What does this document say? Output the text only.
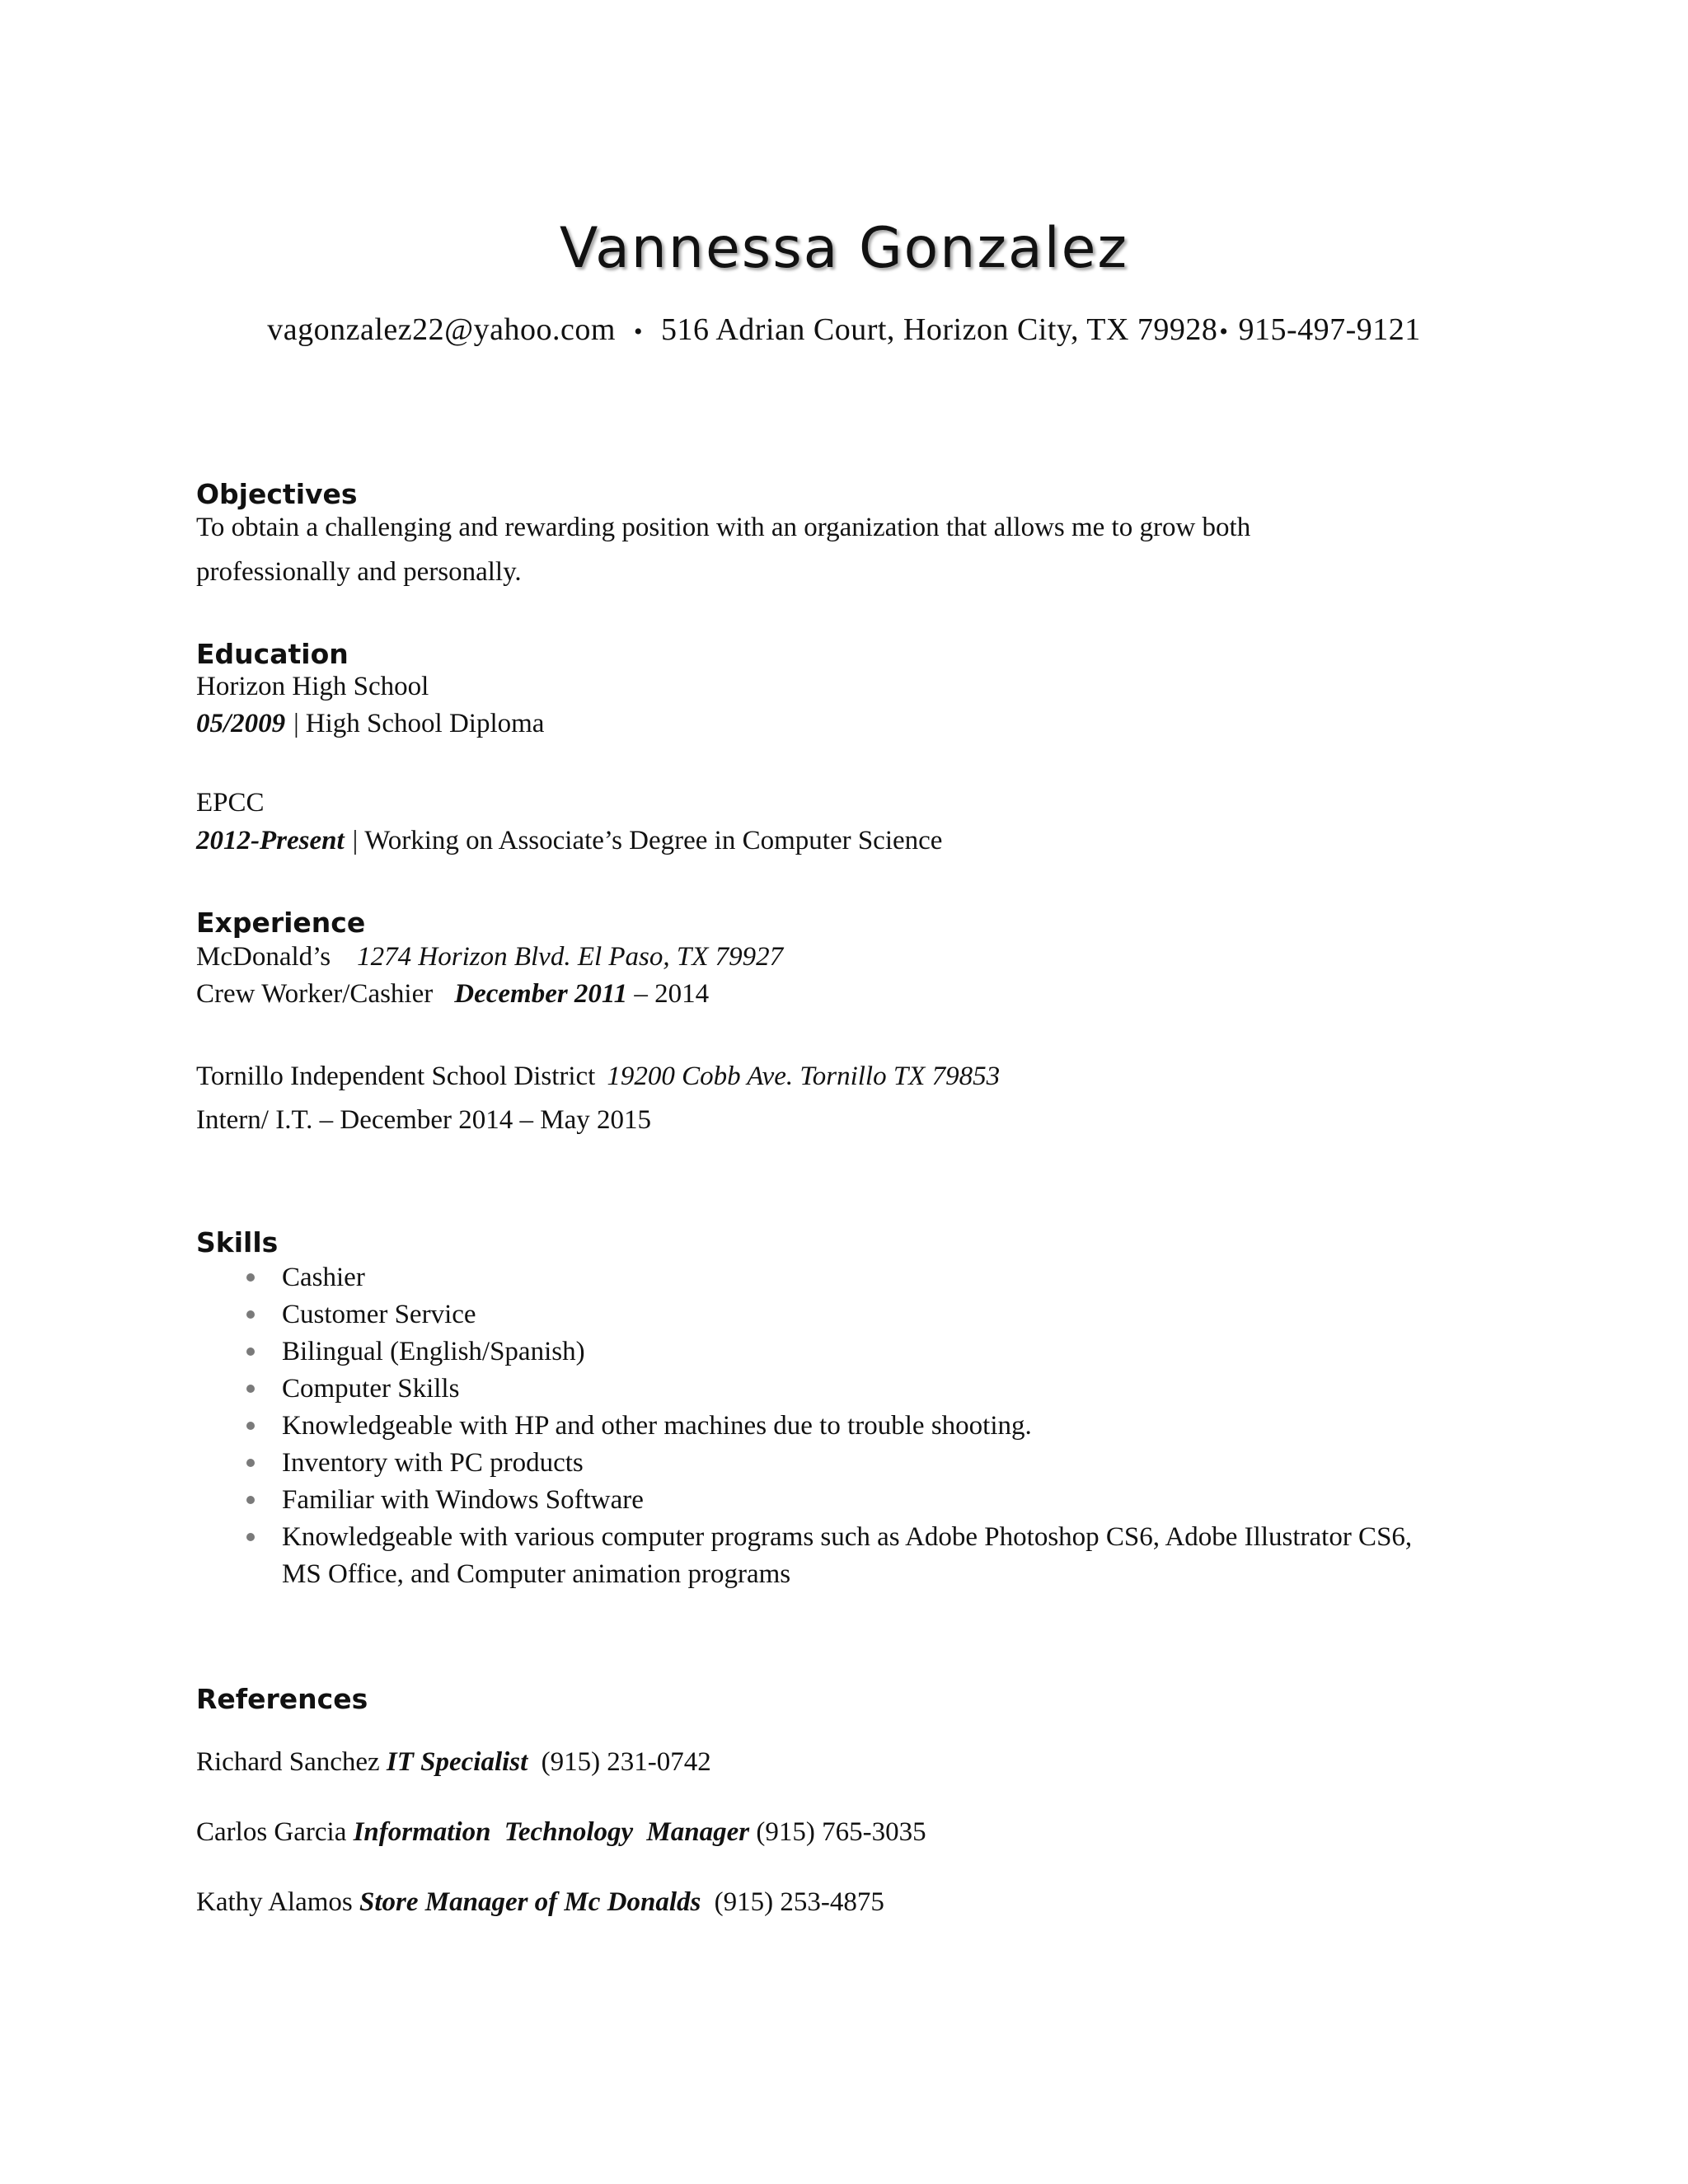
Vannessa Gonzalez
vagonzalez22@yahoo.com • 516 Adrian Court, Horizon City, TX 79928• 915-497-9121
Objectives
To obtain a challenging and rewarding position with an organization that allows me to grow both
professionally and personally.
Education
Horizon High School
05/2009 | High School Diploma
EPCC
2012-Present | Working on Associate’s Degree in Computer Science
Experience
McDonald’s 1274 Horizon Blvd. El Paso, TX 79927
Crew Worker/Cashier December 2011 – 2014
Tornillo Independent School District 19200 Cobb Ave. Tornillo TX 79853
Intern/ I.T. – December 2014 – May 2015
Skills
Cashier
Customer Service
Bilingual (English/Spanish)
Computer Skills
Knowledgeable with HP and other machines due to trouble shooting.
Inventory with PC products
Familiar with Windows Software
Knowledgeable with various computer programs such as Adobe Photoshop CS6, Adobe Illustrator CS6, MS Office, and Computer animation programs
References
Richard Sanchez IT Specialist (915) 231-0742
Carlos Garcia Information Technology Manager (915) 765-3035
Kathy Alamos Store Manager of Mc Donalds (915) 253-4875
